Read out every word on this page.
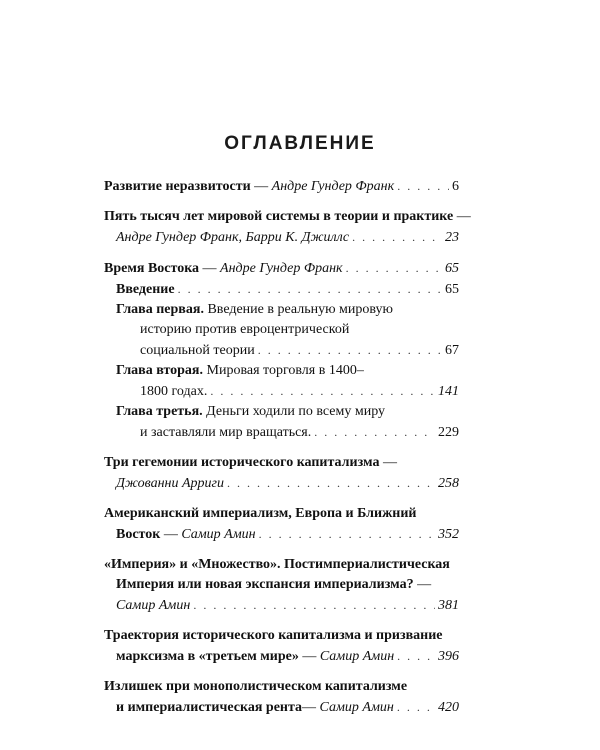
ОГЛАВЛЕНИЕ
Развитие неразвитости — Андре Гундер Франк . . .	6
Пять тысяч лет мировой системы в теории и практике —
Андре Гундер Франк, Барри К. Джиллс . . .	23
Время Востока — Андре Гундер Франк . . .	65
Введение . . .	65
Глава первая. Введение в реальную мировую
историю против евроцентрической
социальной теории . . .	67
Глава вторая. Мировая торговля в 1400–
1800 годах. . . .	141
Глава третья. Деньги ходили по всему миру
и заставляли мир вращаться. . . .	229
Три гегемонии исторического капитализма —
Джованни Арриги . . .	258
Американский империализм, Европа и Ближний
Восток — Самир Амин . . .	352
«Империя» и «Множество». Постимпериалистическая
Империя или новая экспансия империализма? —
Самир Амин . . .	381
Траектория исторического капитализма и призвание
марксизма в «третьем мире» — Самир Амин . . .	396
Излишек при монополистическом капитализме
и империалистическая рента — Самир Амин . . .	420
